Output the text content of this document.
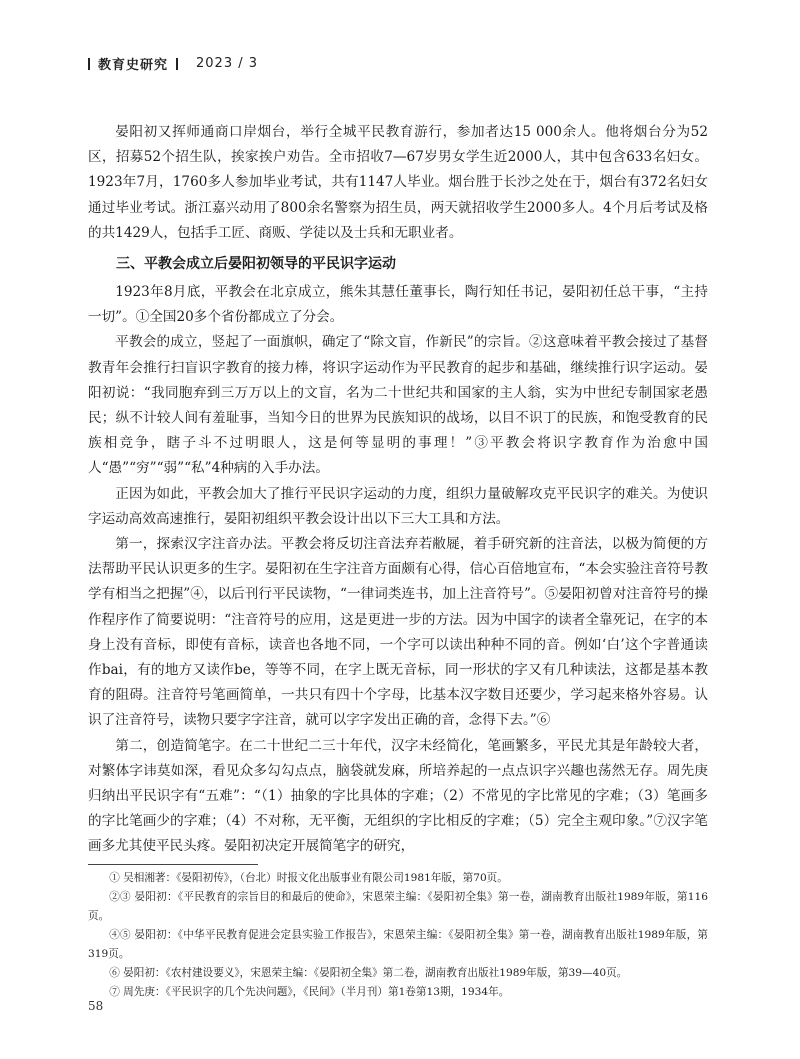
教育史研究 2023 / 3

晏阳初又挥师通商口岸烟台，举行全城平民教育游行，参加者达15 000余人。他将烟台分为52区，招募52个招生队，挨家挨户劝告。全市招收7—67岁男女学生近2000人，其中包含633名妇女。1923年7月，1760多人参加毕业考试，共有1147人毕业。烟台胜于长沙之处在于，烟台有372名妇女通过毕业考试。浙江嘉兴动用了800余名警察为招生员，两天就招收学生2000多人。4个月后考试及格的共1429人，包括手工匠、商贩、学徒以及士兵和无职业者。

三、平教会成立后晏阳初领导的平民识字运动

1923年8月底，平教会在北京成立，熊朱其慧任董事长，陶行知任书记，晏阳初任总干事，“主持一切”。①全国20多个省份都成立了分会。

平教会的成立，竖起了一面旗帜，确定了“除文盲，作新民”的宗旨。②这意味着平教会接过了基督教青年会推行扫盲识字教育的接力棒，将识字运动作为平民教育的起步和基础，继续推行识字运动。晏阳初说：“我同胞弃到三万万以上的文盲，名为二十世纪共和国家的主人翁，实为中世纪专制国家老愚民；纵不计较人间有羞耻事，当知今日的世界为民族知识的战场，以目不识丁的民族，和饱受教育的民族相竞争，瞎子斗不过明眼人，这是何等显明的事理！”③平教会将识字教育作为治愈中国人“愚”“穷”“弱”“私”4种病的入手办法。

正因为如此，平教会加大了推行平民识字运动的力度，组织力量破解攻克平民识字的难关。为使识字运动高效高速推行，晏阳初组织平教会设计出以下三大工具和方法。

第一，探索汉字注音办法。平教会将反切注音法弃若敝屣，着手研究新的注音法，以极为简便的方法帮助平民认识更多的生字。晏阳初在生字注音方面颇有心得，信心百倍地宣布，“本会实验注音符号教学有相当之把握”④，以后刊行平民读物，“一律词类连书，加上注音符号”。⑤晏阳初曾对注音符号的操作程序作了简要说明：“注音符号的应用，这是更进一步的方法。因为中国字的读者全靠死记，在字的本身上没有音标，即使有音标，读音也各地不同，一个字可以读出种种不同的音。例如‘白’这个字普通读作bai，有的地方又读作be，等等不同，在字上既无音标，同一形状的字又有几种读法，这都是基本教育的阻碍。注音符号笔画简单，一共只有四十个字母，比基本汉字数目还要少，学习起来格外容易。认识了注音符号，读物只要字字注音，就可以字字发出正确的音，念得下去。”⑥

第二，创造简笔字。在二十世纪二三十年代，汉字未经简化，笔画繁多，平民尤其是年龄较大者，对繁体字讳莫如深，看见众多勾勾点点，脑袋就发麻，所培养起的一点点识字兴趣也荡然无存。周先庚归纳出平民识字有“五难”：“（1）抽象的字比具体的字难；（2）不常见的字比常见的字难；（3）笔画多的字比笔画少的字难；（4）不对称，无平衡，无组织的字比相反的字难；（5）完全主观印象。”⑦汉字笔画多尤其使平民头疼。晏阳初决定开展简笔字的研究，

① 吴相湘著：《晏阳初传》，（台北）时报文化出版事业有限公司1981年版，第70页。

②③ 晏阳初：《平民教育的宗旨目的和最后的使命》，宋恩荣主编：《晏阳初全集》第一卷，湖南教育出版社1989年版，第116页。

④⑤ 晏阳初：《中华平民教育促进会定县实验工作报告》，宋恩荣主编：《晏阳初全集》第一卷，湖南教育出版社1989年版，第319页。

⑥ 晏阳初：《农村建设要义》，宋恩荣主编：《晏阳初全集》第二卷，湖南教育出版社1989年版，第39—40页。

⑦ 周先庚：《平民识字的几个先决问题》，《民间》（半月刊）第1卷第13期，1934年。

58
